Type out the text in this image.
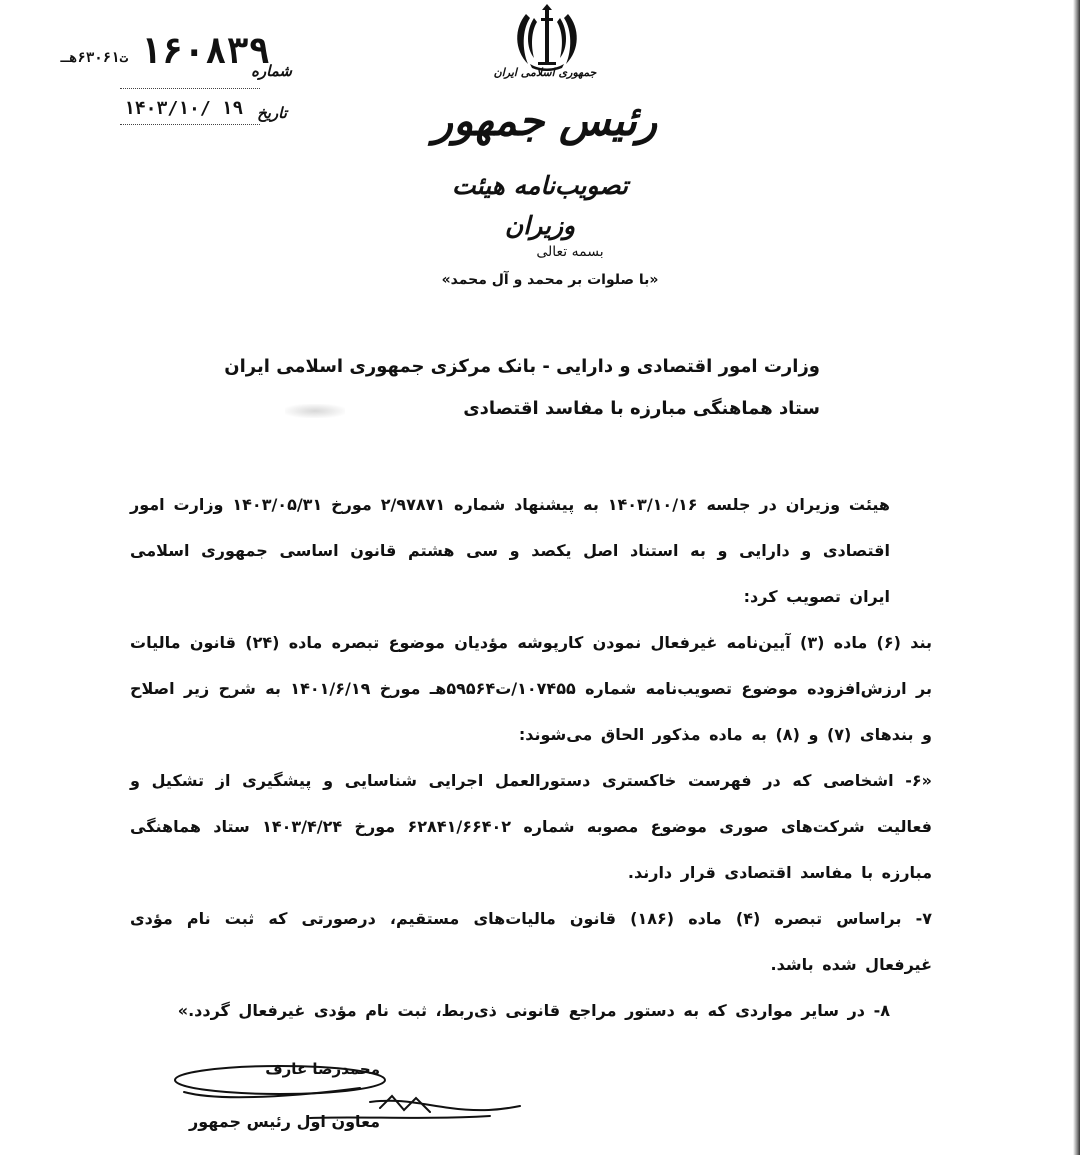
جمهوری اسلامی ایران
رئیس جمهور
تصویب‌نامه هیئت وزیران
ت۶۳۰۶۱هـ ۱۶۰۸۳۹
شماره
۱۴۰۳/۱۰/ ۱۹ تاریخ
بسمه تعالی
«با صلوات بر محمد و آل محمد»
وزارت امور اقتصادی و دارایی - بانک مرکزی جمهوری اسلامی ایران
ستاد هماهنگی مبارزه با مفاسد اقتصادی

هیئت وزیران در جلسه ۱۴۰۳/۱۰/۱۶ به پیشنهاد شماره ۲/۹۷۸۷۱ مورخ ۱۴۰۳/۰۵/۳۱ وزارت امور اقتصادی و دارایی و به استناد اصل یکصد و سی هشتم قانون اساسی جمهوری اسلامی ایران تصویب کرد:

بند (۶) ماده (۳) آیین‌نامه غیرفعال نمودن کارپوشه مؤدیان موضوع تبصره ماده (۲۴) قانون مالیات بر ارزش‌افزوده موضوع تصویب‌نامه شماره ۱۰۷۴۵۵/ت۵۹۵۶۴هـ مورخ ۱۴۰۱/۶/۱۹ به شرح زیر اصلاح و بندهای (۷) و (۸) به ماده مذکور الحاق می‌شوند:

«۶- اشخاصی که در فهرست خاکستری دستورالعمل اجرایی شناسایی و پیشگیری از تشکیل و فعالیت شرکت‌های صوری موضوع مصوبه شماره ۶۲۸۴۱/۶۶۴۰۲ مورخ ۱۴۰۳/۴/۲۴ ستاد هماهنگی مبارزه با مفاسد اقتصادی قرار دارند.

۷- براساس تبصره (۴) ماده (۱۸۶) قانون مالیات‌های مستقیم، درصورتی که ثبت نام مؤدی غیرفعال شده باشد.

۸- در سایر مواردی که به دستور مراجع قانونی ذی‌ربط، ثبت نام مؤدی غیرفعال گردد.»

محمدرضا عارف
معاون اول رئیس جمهور
